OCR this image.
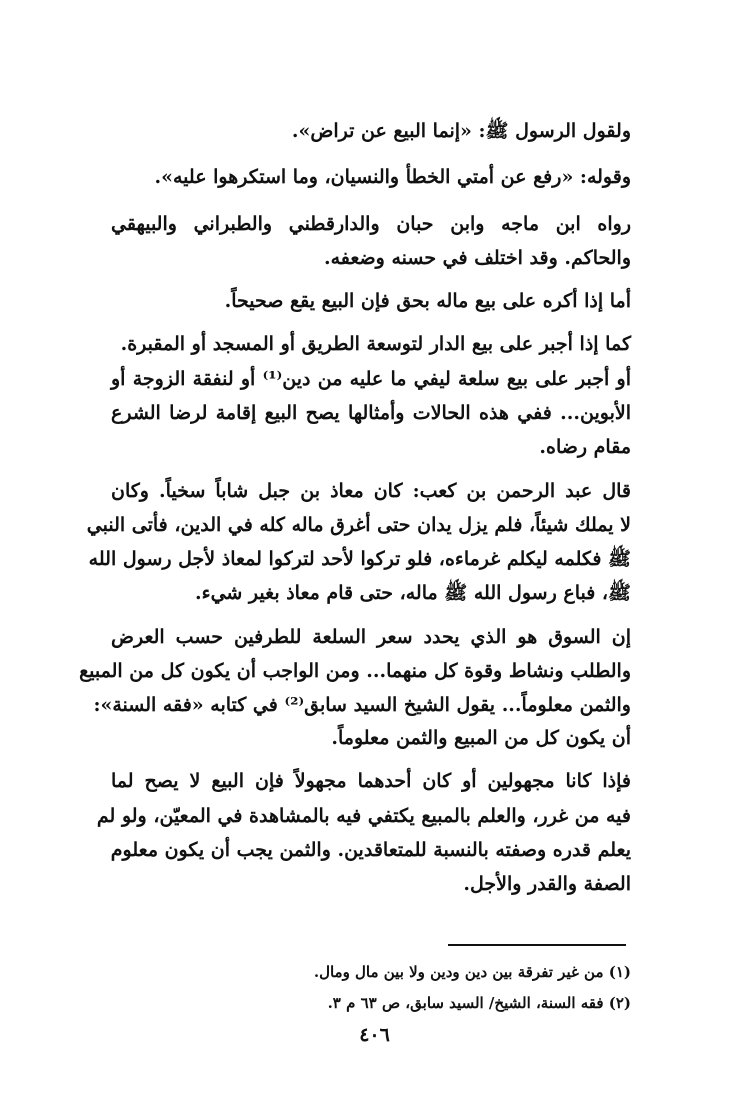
ولقول الرسول ﷺ: «إنما البيع عن تراض».
وقوله: «رفع عن أمتي الخطأ والنسيان، وما استكرهوا عليه».
رواه ابن ماجه وابن حبان والدارقطني والطبراني والبيهقي
والحاكم. وقد اختلف في حسنه وضعفه.
أما إذا أكره على بيع ماله بحق فإن البيع يقع صحيحاً.
كما إذا أجبر على بيع الدار لتوسعة الطريق أو المسجد أو المقبرة.
أو أجبر على بيع سلعة ليفي ما عليه من دين⁽¹⁾ أو لنفقة الزوجة أو
الأبوين... ففي هذه الحالات وأمثالها يصح البيع إقامة لرضا الشرع
مقام رضاه.
قال عبد الرحمن بن كعب: كان معاذ بن جبل شاباً سخياً. وكان
لا يملك شيئاً، فلم يزل يدان حتى أغرق ماله كله في الدين، فأتى النبي
ﷺ فكلمه ليكلم غرماءه، فلو تركوا لأحد لتركوا لمعاذ لأجل رسول الله
ﷺ، فباع رسول الله ﷺ ماله، حتى قام معاذ بغير شيء.
إن السوق هو الذي يحدد سعر السلعة للطرفين حسب العرض
والطلب ونشاط وقوة كل منهما... ومن الواجب أن يكون كل من المبيع
والثمن معلوماً... يقول الشيخ السيد سابق⁽²⁾ في كتابه «فقه السنة»:
أن يكون كل من المبيع والثمن معلوماً.
فإذا كانا مجهولين أو كان أحدهما مجهولاً فإن البيع لا يصح لما
فيه من غرر، والعلم بالمبيع يكتفي فيه بالمشاهدة في المعيّن، ولو لم
يعلم قدره وصفته بالنسبة للمتعاقدين. والثمن يجب أن يكون معلوم
الصفة والقدر والأجل.
(١) من غير تفرقة بين دين ودين ولا بين مال ومال.
(٢) فقه السنة، الشيخ/ السيد سابق، ص ٦٣ م ٣.
٤٠٦
